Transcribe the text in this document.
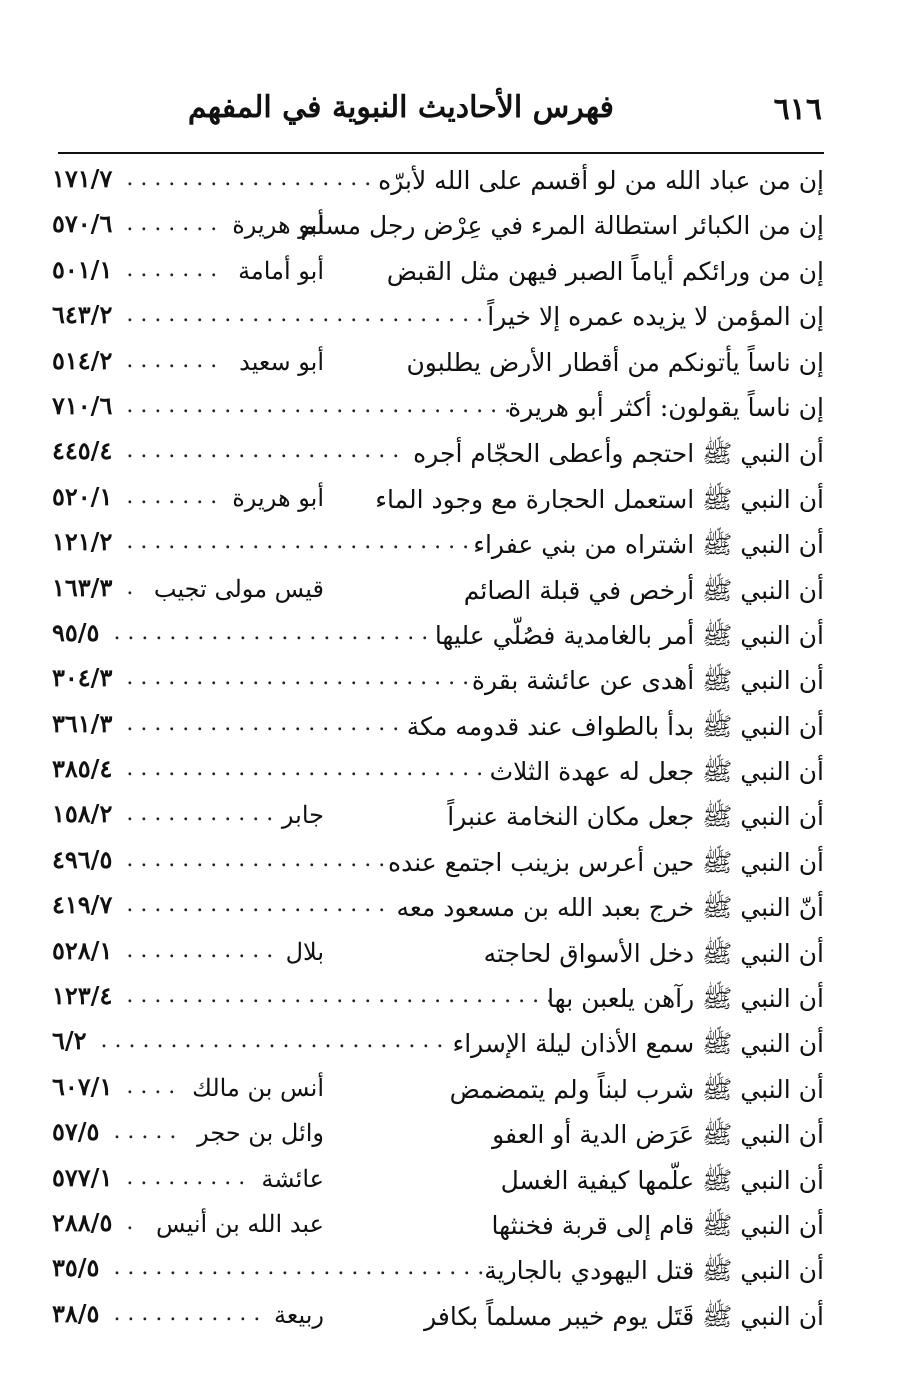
٦١٦
فهرس الأحاديث النبوية في المفهم
إن من عباد الله من لو أقسم على الله لأبرّه
..................
١٧١/٧
إن من الكبائر استطالة المرء في عِرْض رجل مسلم
أبو هريرة
.......
٥٧٠/٦
إن من ورائكم أياماً الصبر فيهن مثل القبض
أبو أمامة
.......
٥٠١/١
إن المؤمن لا يزيده عمره إلا خيراً
..........................
٦٤٣/٢
إن ناساً يأتونكم من أقطار الأرض يطلبون
أبو سعيد
.......
٥١٤/٢
إن ناساً يقولون: أكثر أبو هريرة
............................
٧١٠/٦
أن النبي ﷺ احتجم وأعطى الحجّام أجره
....................
٤٤٥/٤
أن النبي ﷺ استعمل الحجارة مع وجود الماء
أبو هريرة
.......
٥٢٠/١
أن النبي ﷺ اشتراه من بني عفراء
.........................
١٢١/٢
أن النبي ﷺ أرخص في قبلة الصائم
قيس مولى تجيب
.
١٦٣/٣
أن النبي ﷺ أمر بالغامدية فصُلّي عليها
.......................
٩٥/٥
أن النبي ﷺ أهدى عن عائشة بقرة
.........................
٣٠٤/٣
أن النبي ﷺ بدأ بالطواف عند قدومه مكة
....................
٣٦١/٣
أن النبي ﷺ جعل له عهدة الثلاث
..........................
٣٨٥/٤
أن النبي ﷺ جعل مكان النخامة عنبراً
جابر
...........
١٥٨/٢
أن النبي ﷺ حين أعرس بزينب اجتمع عنده
...................
٤٩٦/٥
أنّ النبي ﷺ خرج بعبد الله بن مسعود معه
...................
٤١٩/٧
أن النبي ﷺ دخل الأسواق لحاجته
بلال
...........
٥٢٨/١
أن النبي ﷺ رآهن يلعبن بها
...............................
١٢٣/٤
أن النبي ﷺ سمع الأذان ليلة الإسراء
.........................
٦/٢
أن النبي ﷺ شرب لبناً ولم يتمضمض
أنس بن مالك
....
٦٠٧/١
أن النبي ﷺ عَرَض الدية أو العفو
وائل بن حجر
.....
٥٧/٥
أن النبي ﷺ علّمها كيفية الغسل
عائشة
.........
٥٧٧/١
أن النبي ﷺ قام إلى قربة فخنثها
عبد الله بن أنيس
.
٢٨٨/٥
أن النبي ﷺ قتل اليهودي بالجارية
...........................
٣٥/٥
أن النبي ﷺ قَتَل يوم خيبر مسلماً بكافر
ربيعة
...........
٣٨/٥
